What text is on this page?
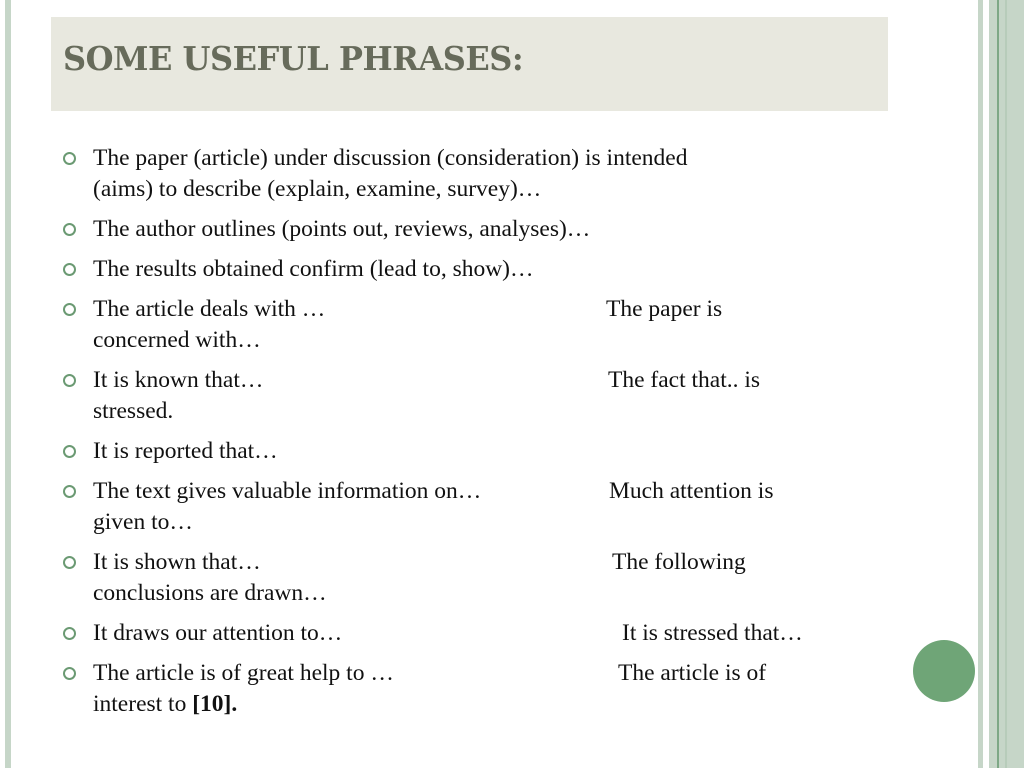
SOME USEFUL PHRASES:
The paper (article) under discussion (consideration) is intended
(aims) to describe (explain, examine, survey)…
The author outlines (points out, reviews, analyses)…
The results obtained confirm (lead to, show)…
The article deals with …	The paper is
concerned with…
It is known that…	The fact that.. is
stressed.
It is reported that…
The text gives valuable information on…	Much attention is
given to…
It is shown that…	The following
conclusions are drawn…
It draws our attention to…	It is stressed that…
The article is of great help to …	The article is of
interest to [10].
